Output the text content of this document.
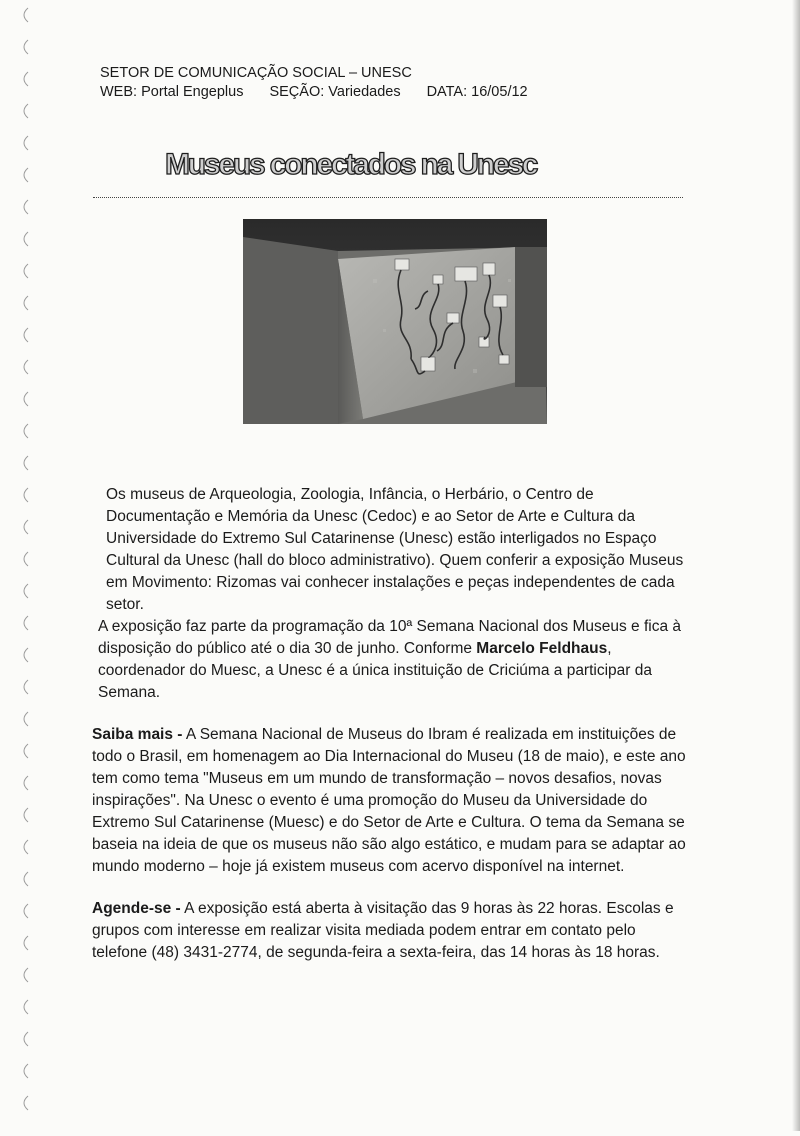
SETOR DE COMUNICAÇÃO SOCIAL – UNESC
WEB: Portal Engeplus SEÇÃO: Variedades DATA: 16/05/12
Museus conectados na Unesc

Os museus de Arqueologia, Zoologia, Infância, o Herbário, o Centro de Documentação e Memória da Unesc (Cedoc) e ao Setor de Arte e Cultura da Universidade do Extremo Sul Catarinense (Unesc) estão interligados no Espaço Cultural da Unesc (hall do bloco administrativo). Quem conferir a exposição Museus em Movimento: Rizomas vai conhecer instalações e peças independentes de cada setor.

A exposição faz parte da programação da 10ª Semana Nacional dos Museus e fica à disposição do público até o dia 30 de junho. Conforme Marcelo Feldhaus, coordenador do Muesc, a Unesc é a única instituição de Criciúma a participar da Semana.

Saiba mais - A Semana Nacional de Museus do Ibram é realizada em instituições de todo o Brasil, em homenagem ao Dia Internacional do Museu (18 de maio), e este ano tem como tema "Museus em um mundo de transformação – novos desafios, novas inspirações". Na Unesc o evento é uma promoção do Museu da Universidade do Extremo Sul Catarinense (Muesc) e do Setor de Arte e Cultura. O tema da Semana se baseia na ideia de que os museus não são algo estático, e mudam para se adaptar ao mundo moderno – hoje já existem museus com acervo disponível na internet.

Agende-se - A exposição está aberta à visitação das 9 horas às 22 horas. Escolas e grupos com interesse em realizar visita mediada podem entrar em contato pelo telefone (48) 3431-2774, de segunda-feira a sexta-feira, das 14 horas às 18 horas.
